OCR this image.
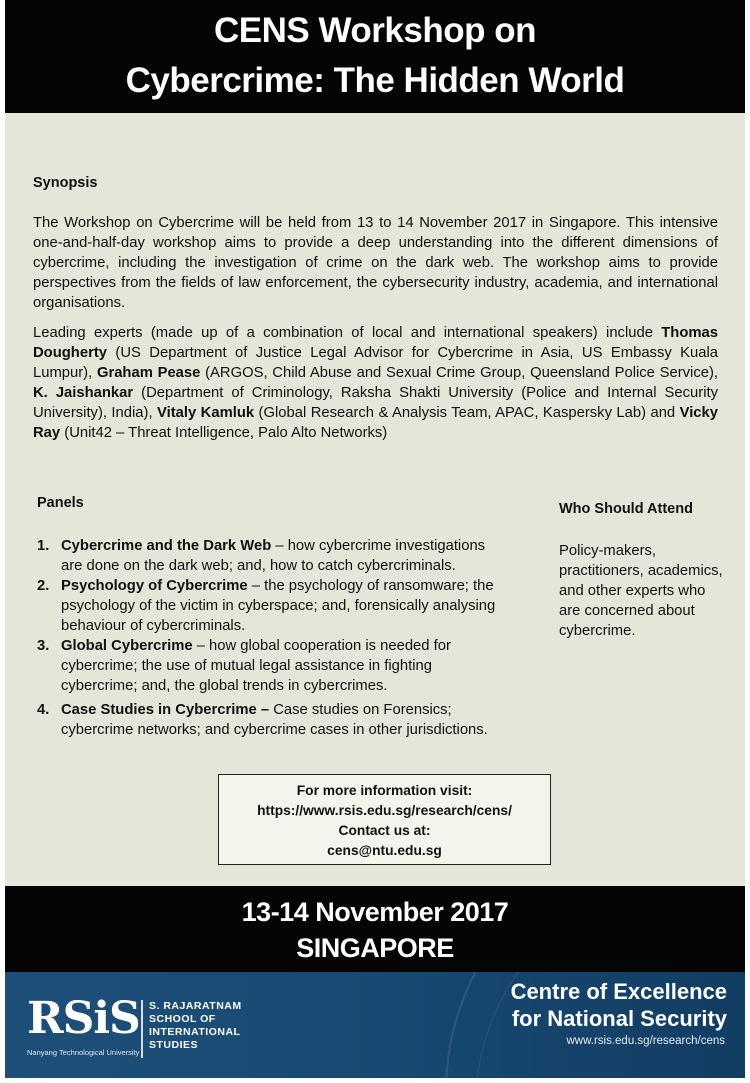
CENS Workshop on
Cybercrime: The Hidden World
Synopsis

The Workshop on Cybercrime will be held from 13 to 14 November 2017 in Singapore. This intensive one-and-half-day workshop aims to provide a deep understanding into the different dimensions of cybercrime, including the investigation of crime on the dark web. The workshop aims to provide perspectives from the fields of law enforcement, the cybersecurity industry, academia, and international organisations.

Leading experts (made up of a combination of local and international speakers) include Thomas Dougherty (US Department of Justice Legal Advisor for Cybercrime in Asia, US Embassy Kuala Lumpur), Graham Pease (ARGOS, Child Abuse and Sexual Crime Group, Queensland Police Service), K. Jaishankar (Department of Criminology, Raksha Shakti University (Police and Internal Security University), India), Vitaly Kamluk (Global Research & Analysis Team, APAC, Kaspersky Lab) and Vicky Ray (Unit42 – Threat Intelligence, Palo Alto Networks)

Panels
1. Cybercrime and the Dark Web – how cybercrime investigations are done on the dark web; and, how to catch cybercriminals.
2. Psychology of Cybercrime – the psychology of ransomware; the psychology of the victim in cyberspace; and, forensically analysing behaviour of cybercriminals.
3. Global Cybercrime – how global cooperation is needed for cybercrime; the use of mutual legal assistance in fighting cybercrime; and, the global trends in cybercrimes.
4. Case Studies in Cybercrime – Case studies on Forensics; cybercrime networks; and cybercrime cases in other jurisdictions.
Who Should Attend
Policy-makers, practitioners, academics, and other experts who are concerned about cybercrime.
For more information visit:
https://www.rsis.edu.sg/research/cens/
Contact us at:
cens@ntu.edu.sg
13-14 November 2017
SINGAPORE
RSiS S. RAJARATNAM
SCHOOL OF
INTERNATIONAL
STUDIES
Nanyang Technological University
Centre of Excellence
for National Security
www.rsis.edu.sg/research/cens
